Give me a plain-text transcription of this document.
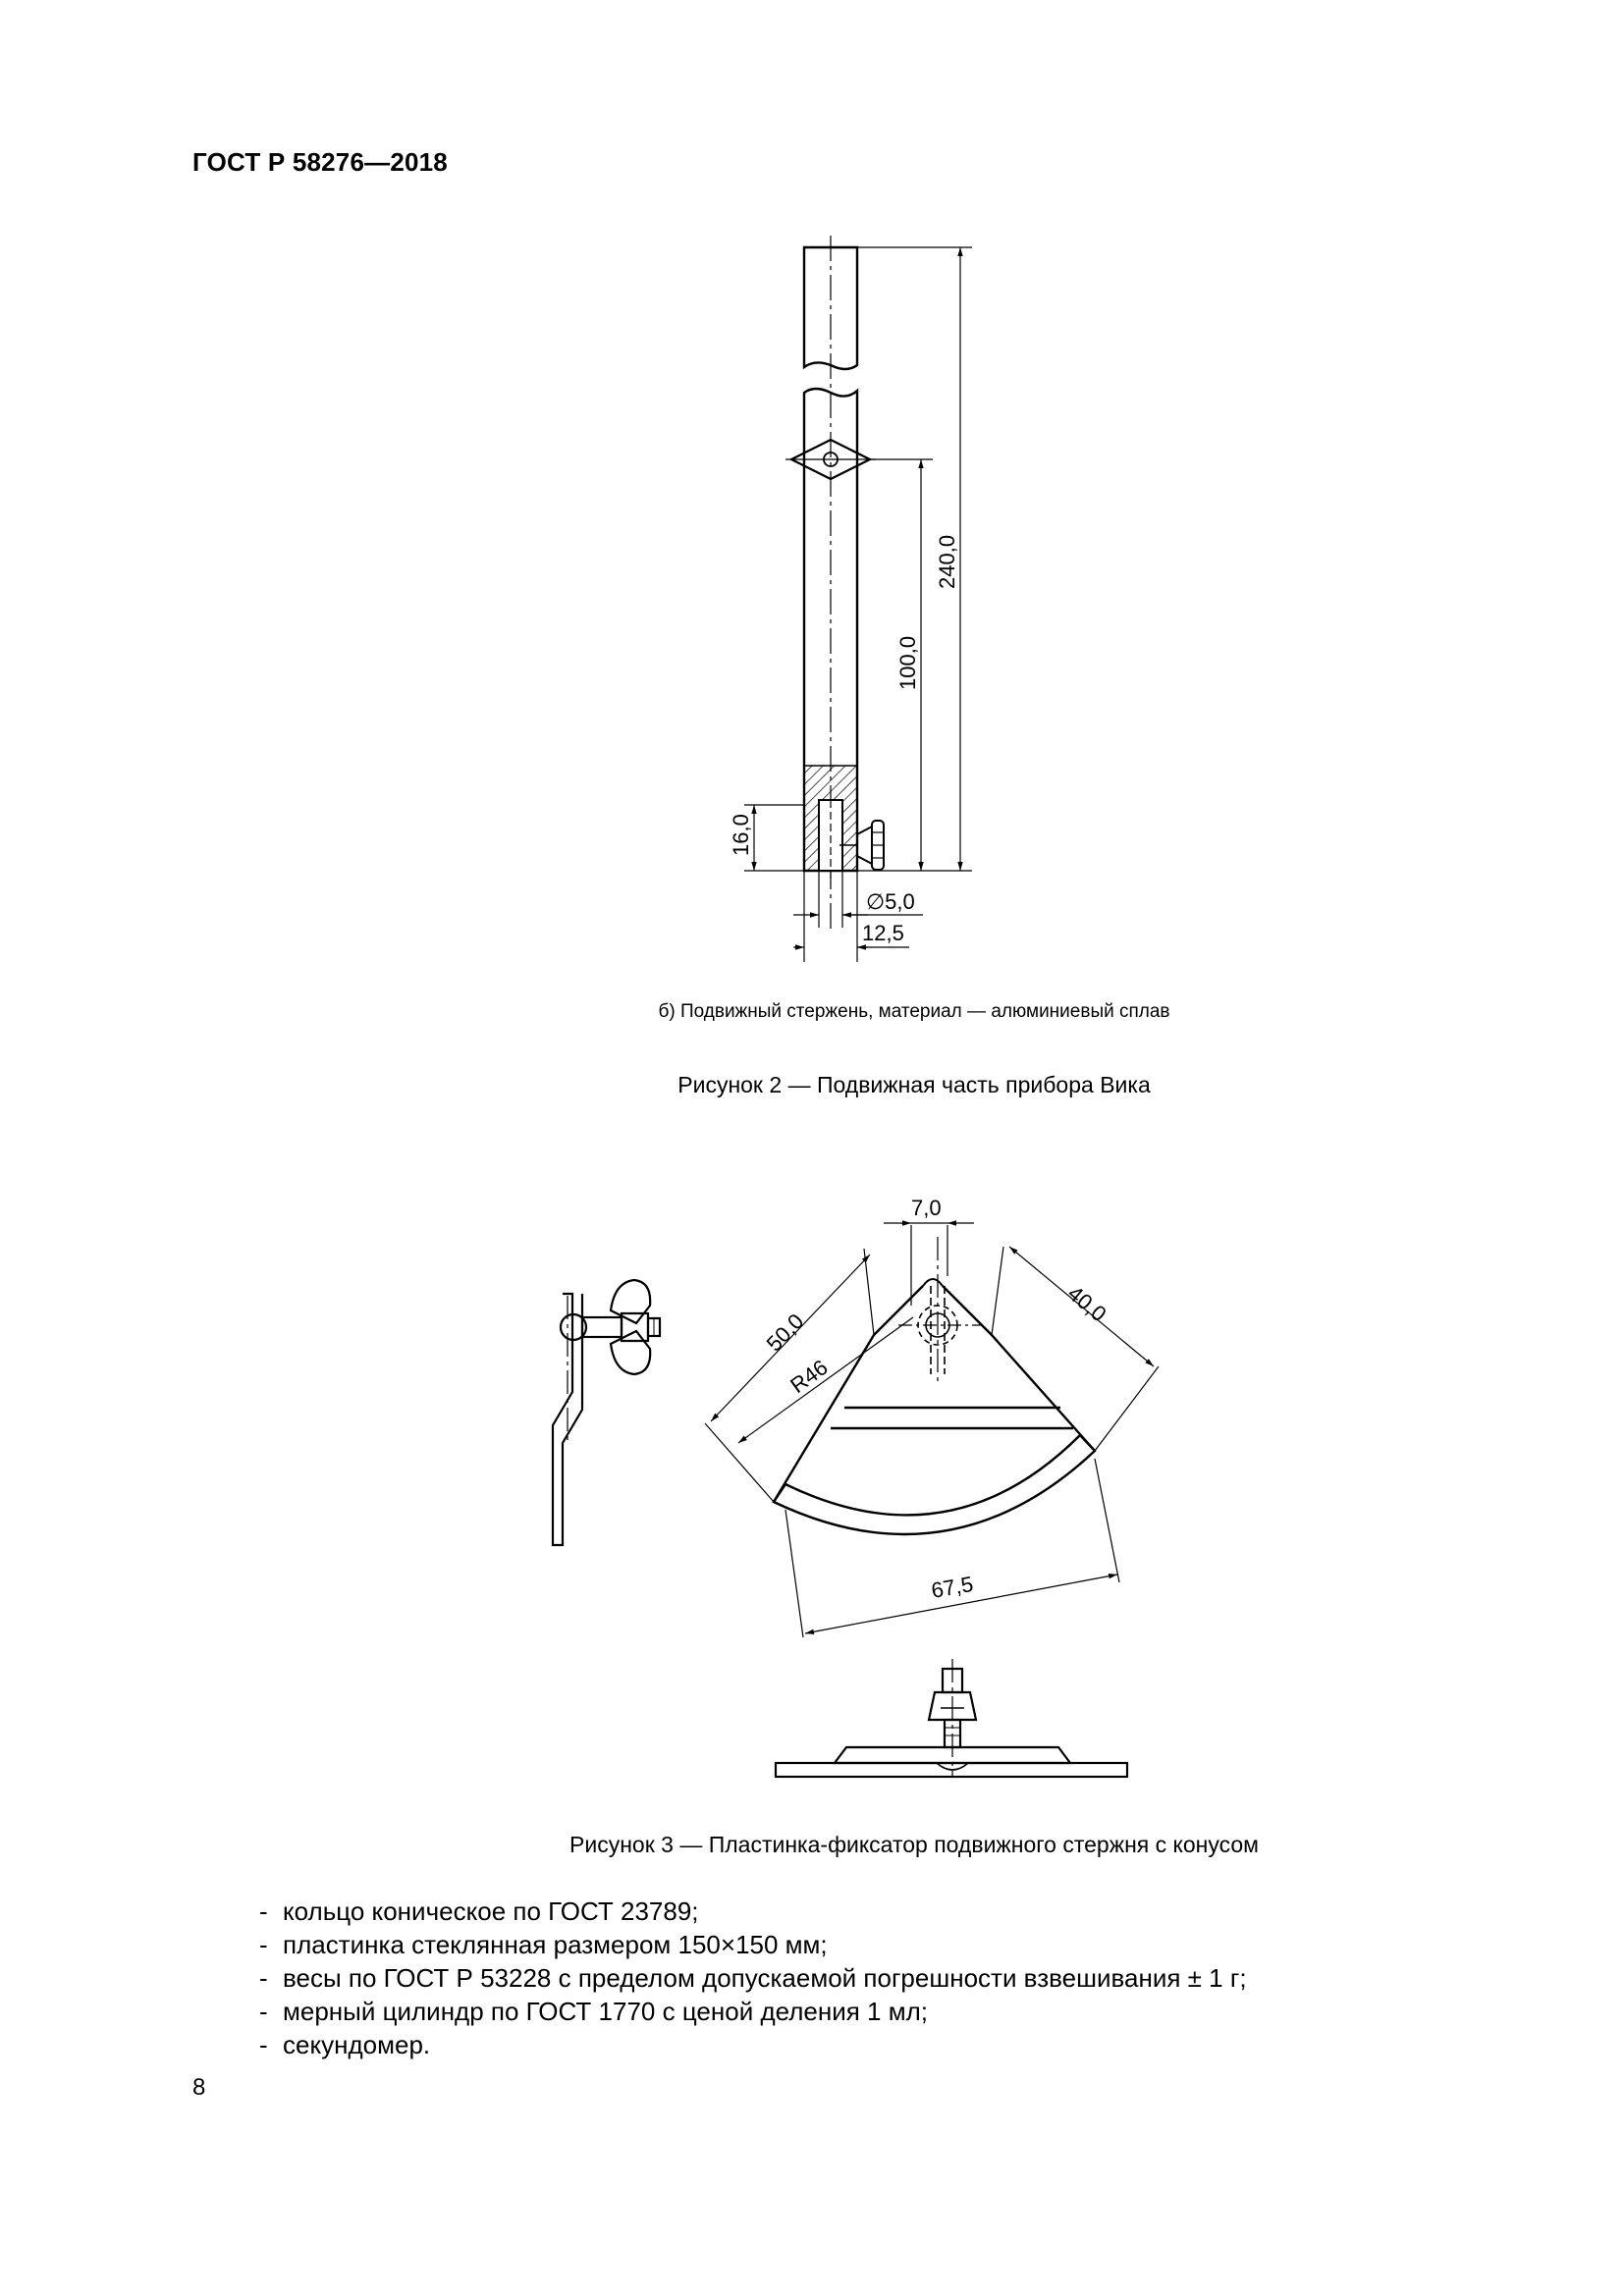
ГОСТ Р 58276—2018
240,0
100,0
16,0
∅5,0
12,5
7,0
50,0
R46
40,0
67,5
б) Подвижный стержень, материал — алюминиевый сплав
Рисунок 2 — Подвижная часть прибора Вика
Рисунок 3 — Пластинка-фиксатор подвижного стержня с конусом
- кольцо коническое по ГОСТ 23789;
- пластинка стеклянная размером 150×150 мм;
- весы по ГОСТ Р 53228 с пределом допускаемой погрешности взвешивания ± 1 г;
- мерный цилиндр по ГОСТ 1770 с ценой деления 1 мл;
- секундомер.
8
